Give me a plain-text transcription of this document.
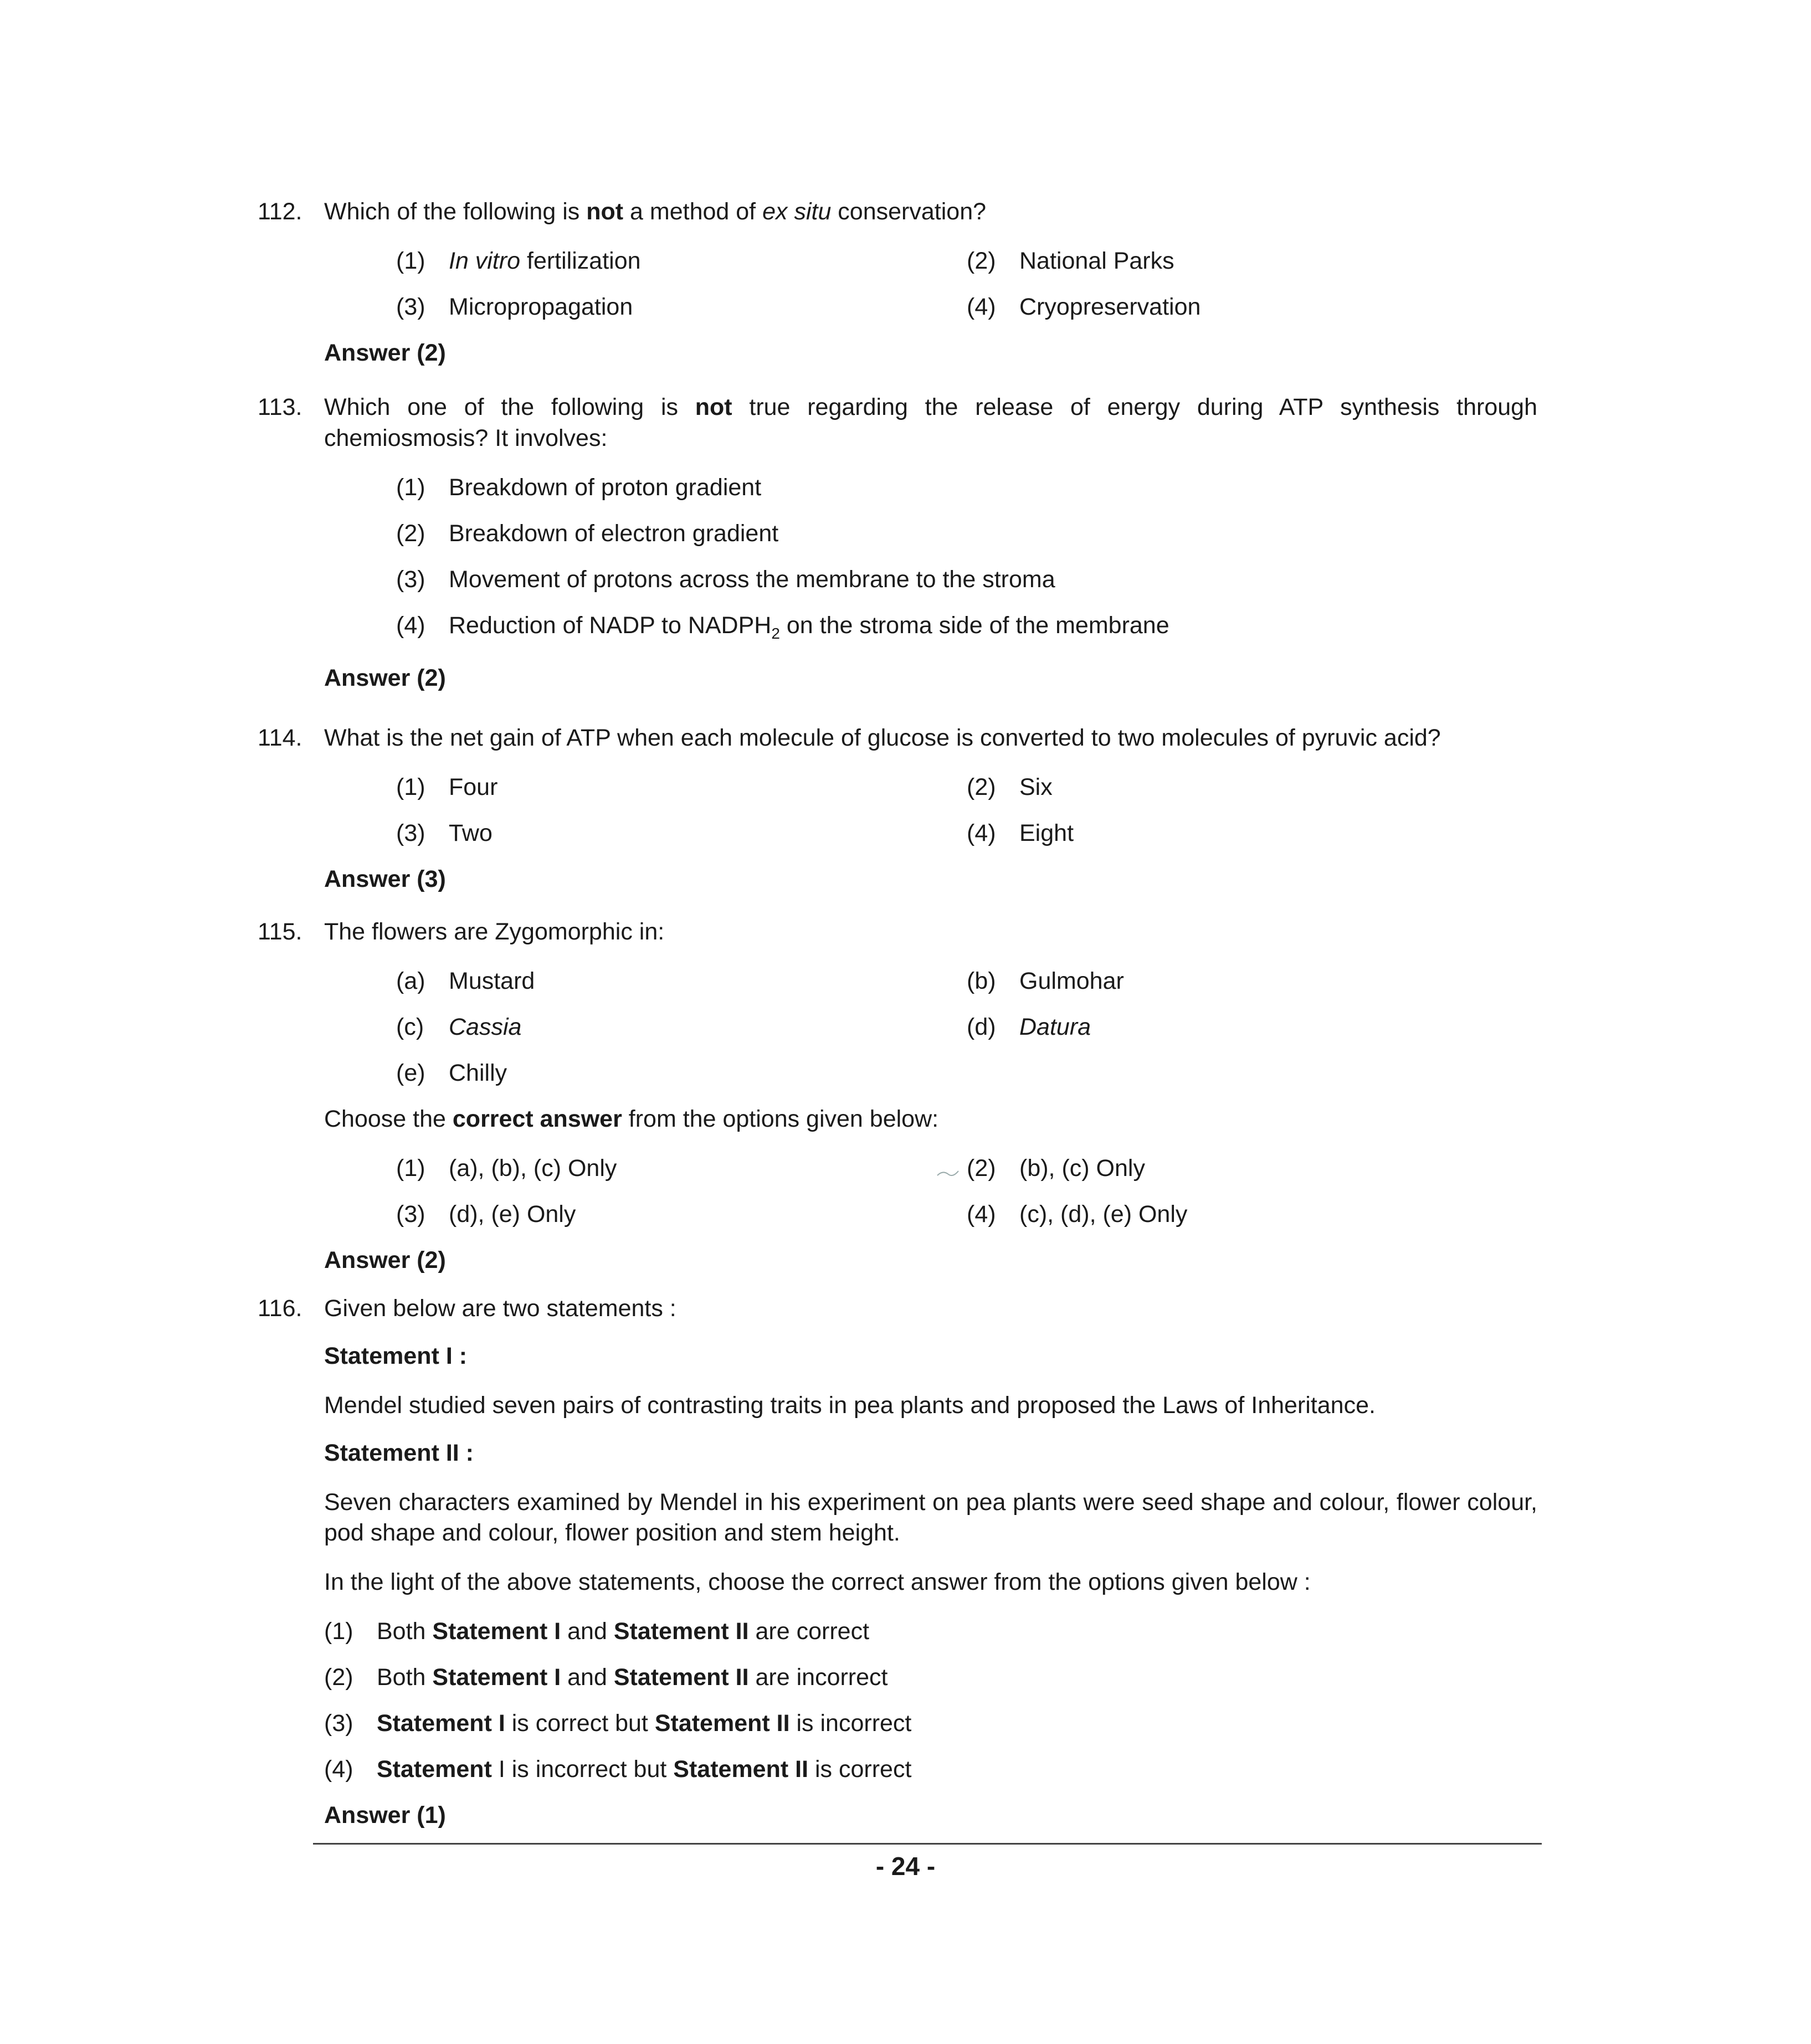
112. Which of the following is not a method of ex situ conservation?

(1) In vitro fertilization	(2) National Parks
(3) Micropropagation	(4) Cryopreservation
Answer (2)
113. Which one of the following is not true regarding the release of energy during ATP synthesis through chemiosmosis? It involves:

(1) Breakdown of proton gradient
(2) Breakdown of electron gradient
(3) Movement of protons across the membrane to the stroma
(4) Reduction of NADP to $NADPH_2$ on the stroma side of the membrane
Answer (2)
114. What is the net gain of ATP when each molecule of glucose is converted to two molecules of pyruvic acid?

(1) Four	(2) Six
(3) Two	(4) Eight
Answer (3)
115. The flowers are Zygomorphic in:

(a) Mustard	(b) Gulmohar
(c) Cassia	(d) Datura
(e) Chilly

Choose the correct answer from the options given below:

(1) (a), (b), (c) Only	(2) (b), (c) Only
(3) (d), (e) Only	(4) (c), (d), (e) Only
Answer (2)
116. Given below are two statements :

Statement I :
Mendel studied seven pairs of contrasting traits in pea plants and proposed the Laws of Inheritance.
Statement II :
Seven characters examined by Mendel in his experiment on pea plants were seed shape and colour, flower colour, pod shape and colour, flower position and stem height.
In the light of the above statements, choose the correct answer from the options given below :
(1) Both Statement I and Statement II are correct
(2) Both Statement I and Statement II are incorrect
(3) Statement I is correct but Statement II is incorrect
(4) Statement I is incorrect but Statement II is correct
Answer (1)
- 24 -
